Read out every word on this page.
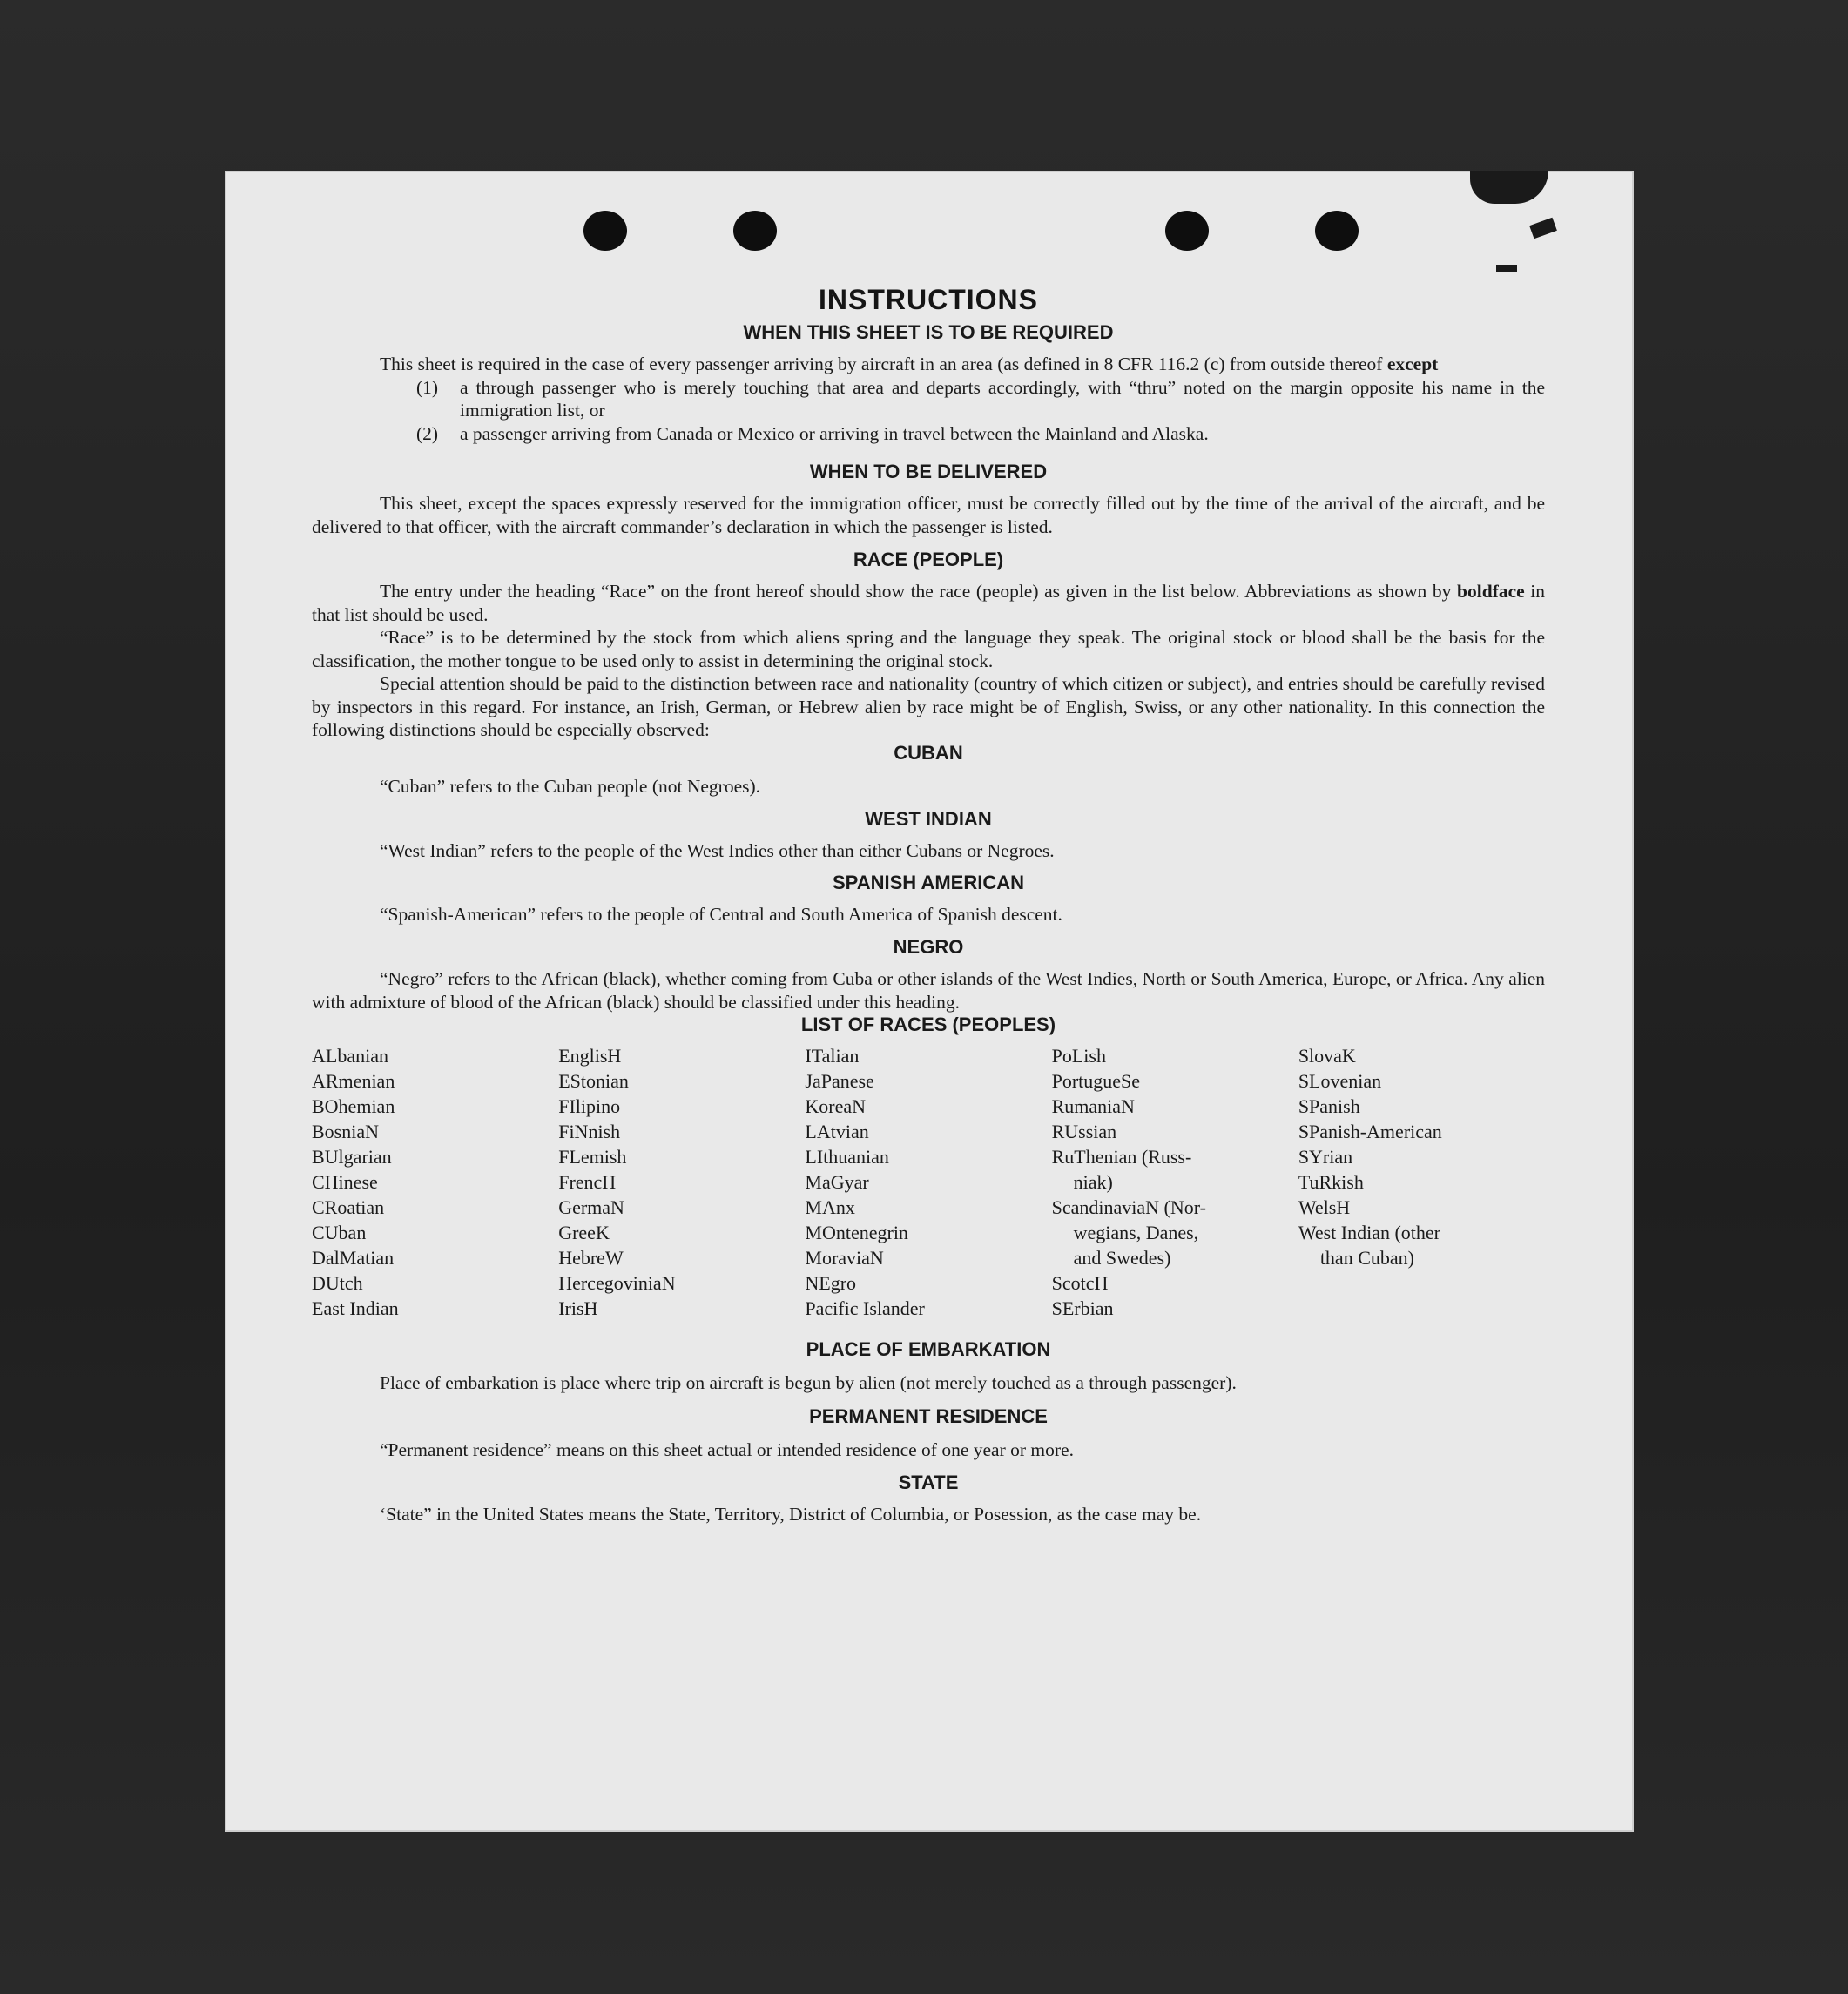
INSTRUCTIONS
WHEN THIS SHEET IS TO BE REQUIRED

This sheet is required in the case of every passenger arriving by aircraft in an area (as defined in 8 CFR 116.2 (c) from outside thereof except

(1)	a through passenger who is merely touching that area and departs accordingly, with “thru” noted on the margin opposite his name in the immigration list, or
(2)	a passenger arriving from Canada or Mexico or arriving in travel between the Mainland and Alaska.
WHEN TO BE DELIVERED

This sheet, except the spaces expressly reserved for the immigration officer, must be correctly filled out by the time of the arrival of the aircraft, and be delivered to that officer, with the aircraft commander’s declaration in which the passenger is listed.

RACE (PEOPLE)

The entry under the heading “Race” on the front hereof should show the race (people) as given in the list below. Abbreviations as shown by boldface in that list should be used.

“Race” is to be determined by the stock from which aliens spring and the language they speak. The original stock or blood shall be the basis for the classification, the mother tongue to be used only to assist in determining the original stock.

Special attention should be paid to the distinction between race and nationality (country of which citizen or subject), and entries should be carefully revised by inspectors in this regard. For instance, an Irish, German, or Hebrew alien by race might be of English, Swiss, or any other nationality. In this connection the following distinctions should be especially observed:

CUBAN

“Cuban” refers to the Cuban people (not Negroes).

WEST INDIAN

“West Indian” refers to the people of the West Indies other than either Cubans or Negroes.

SPANISH AMERICAN

“Spanish-American” refers to the people of Central and South America of Spanish descent.

NEGRO

“Negro” refers to the African (black), whether coming from Cuba or other islands of the West Indies, North or South America, Europe, or Africa. Any alien with admixture of blood of the African (black) should be classified under this heading.

LIST OF RACES (PEOPLES)
ALbanian
ARmenian
BOhemian
BosniaN
BUlgarian
CHinese
CRoatian
CUban
DalMatian
DUtch
East Indian
EnglisH
EStonian
FIlipino
FiNnish
FLemish
FrencH
GermaN
GreeK
HebreW
HercegoviniaN
IrisH
ITalian
JaPanese
KoreaN
LAtvian
LIthuanian
MaGyar
MAnx
MOntenegrin
MoraviaN
NEgro
Pacific Islander
PoLish
PortugueSe
RumaniaN
RUssian
RuThenian (Russ-
niak)
ScandinaviaN (Nor-
wegians, Danes,
and Swedes)
ScotcH
SErbian
SlovaK
SLovenian
SPanish
SPanish-American
SYrian
TuRkish
WelsH
West Indian (other
than Cuban)
PLACE OF EMBARKATION

Place of embarkation is place where trip on aircraft is begun by alien (not merely touched as a through passenger).

PERMANENT RESIDENCE

“Permanent residence” means on this sheet actual or intended residence of one year or more.

STATE

‘State” in the United States means the State, Territory, District of Columbia, or Posession, as the case may be.
